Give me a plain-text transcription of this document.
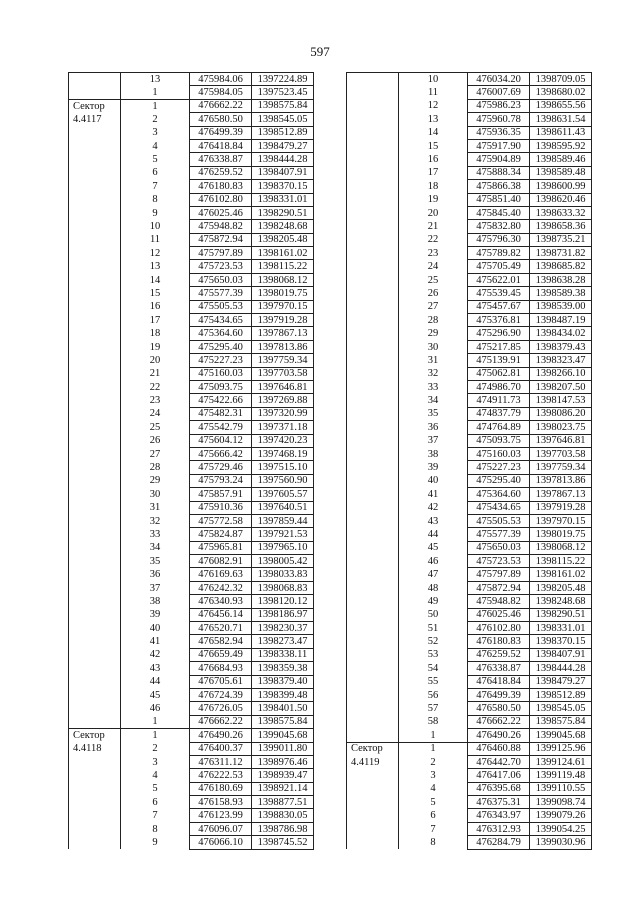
597
	13	475984.06	1397224.89
	1	475984.05	1397523.45
Сектор	1	476662.22	1398575.84
4.4117	2	476580.50	1398545.05
	3	476499.39	1398512.89
	4	476418.84	1398479.27
	5	476338.87	1398444.28
	6	476259.52	1398407.91
	7	476180.83	1398370.15
	8	476102.80	1398331.01
	9	476025.46	1398290.51
	10	475948.82	1398248.68
	11	475872.94	1398205.48
	12	475797.89	1398161.02
	13	475723.53	1398115.22
	14	475650.03	1398068.12
	15	475577.39	1398019.75
	16	475505.53	1397970.15
	17	475434.65	1397919.28
	18	475364.60	1397867.13
	19	475295.40	1397813.86
	20	475227.23	1397759.34
	21	475160.03	1397703.58
	22	475093.75	1397646.81
	23	475422.66	1397269.88
	24	475482.31	1397320.99
	25	475542.79	1397371.18
	26	475604.12	1397420.23
	27	475666.42	1397468.19
	28	475729.46	1397515.10
	29	475793.24	1397560.90
	30	475857.91	1397605.57
	31	475910.36	1397640.51
	32	475772.58	1397859.44
	33	475824.87	1397921.53
	34	475965.81	1397965.10
	35	476082.91	1398005.42
	36	476169.63	1398033.83
	37	476242.32	1398068.83
	38	476340.93	1398120.12
	39	476456.14	1398186.97
	40	476520.71	1398230.37
	41	476582.94	1398273.47
	42	476659.49	1398338.11
	43	476684.93	1398359.38
	44	476705.61	1398379.40
	45	476724.39	1398399.48
	46	476726.05	1398401.50
	1	476662.22	1398575.84
Сектор	1	476490.26	1399045.68
4.4118	2	476400.37	1399011.80
	3	476311.12	1398976.46
	4	476222.53	1398939.47
	5	476180.69	1398921.14
	6	476158.93	1398877.51
	7	476123.99	1398830.05
	8	476096.07	1398786.98
	9	476066.10	1398745.52
	10	476034.20	1398709.05
	11	476007.69	1398680.02
	12	475986.23	1398655.56
	13	475960.78	1398631.54
	14	475936.35	1398611.43
	15	475917.90	1398595.92
	16	475904.89	1398589.46
	17	475888.34	1398589.48
	18	475866.38	1398600.99
	19	475851.40	1398620.46
	20	475845.40	1398633.32
	21	475832.80	1398658.36
	22	475796.30	1398735.21
	23	475789.82	1398731.82
	24	475705.49	1398685.82
	25	475622.01	1398638.28
	26	475539.45	1398589.38
	27	475457.67	1398539.00
	28	475376.81	1398487.19
	29	475296.90	1398434.02
	30	475217.85	1398379.43
	31	475139.91	1398323.47
	32	475062.81	1398266.10
	33	474986.70	1398207.50
	34	474911.73	1398147.53
	35	474837.79	1398086.20
	36	474764.89	1398023.75
	37	475093.75	1397646.81
	38	475160.03	1397703.58
	39	475227.23	1397759.34
	40	475295.40	1397813.86
	41	475364.60	1397867.13
	42	475434.65	1397919.28
	43	475505.53	1397970.15
	44	475577.39	1398019.75
	45	475650.03	1398068.12
	46	475723.53	1398115.22
	47	475797.89	1398161.02
	48	475872.94	1398205.48
	49	475948.82	1398248.68
	50	476025.46	1398290.51
	51	476102.80	1398331.01
	52	476180.83	1398370.15
	53	476259.52	1398407.91
	54	476338.87	1398444.28
	55	476418.84	1398479.27
	56	476499.39	1398512.89
	57	476580.50	1398545.05
	58	476662.22	1398575.84
	1	476490.26	1399045.68
Сектор	1	476460.88	1399125.96
4.4119	2	476442.70	1399124.61
	3	476417.06	1399119.48
	4	476395.68	1399110.55
	5	476375.31	1399098.74
	6	476343.97	1399079.26
	7	476312.93	1399054.25
	8	476284.79	1399030.96
